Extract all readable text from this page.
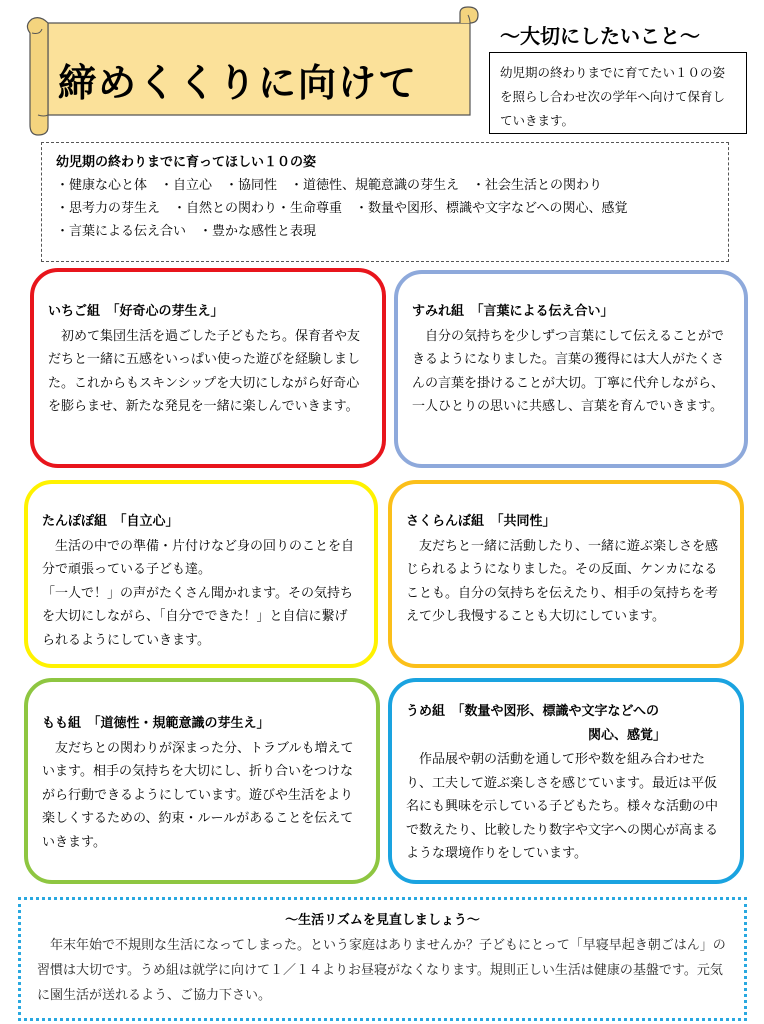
締めくくりに向けて
～大切にしたいこと～
幼児期の終わりまでに育てたい１０の姿を照らし合わせ次の学年へ向けて保育していきます。
幼児期の終わりまでに育ってほしい１０の姿
・健康な心と体　・自立心　・協同性　・道徳性、規範意識の芽生え　・社会生活との関わり
・思考力の芽生え　・自然との関わり・生命尊重　・数量や図形、標識や文字などへの関心、感覚
・言葉による伝え合い　・豊かな感性と表現
いちご組　「好奇心の芽生え」
初めて集団生活を過ごした子どもたち。保育者や友だちと一緒に五感をいっぱい使った遊びを経験しました。これからもスキンシップを大切にしながら好奇心を膨らませ、新たな発見を一緒に楽しんでいきます。
すみれ組　「言葉による伝え合い」
自分の気持ちを少しずつ言葉にして伝えることができるようになりました。言葉の獲得には大人がたくさんの言葉を掛けることが大切。丁寧に代弁しながら、一人ひとりの思いに共感し、言葉を育んでいきます。
たんぽぽ組　「自立心」
生活の中での準備・片付けなど身の回りのことを自分で頑張っている子ども達。
「一人で！」の声がたくさん聞かれます。その気持ちを大切にしながら、「自分でできた！」と自信に繋げられるようにしていきます。
さくらんぼ組　「共同性」
友だちと一緒に活動したり、一緒に遊ぶ楽しさを感じられるようになりました。その反面、ケンカになることも。自分の気持ちを伝えたり、相手の気持ちを考えて少し我慢することも大切にしています。
もも組　「道徳性・規範意識の芽生え」
友だちとの関わりが深まった分、トラブルも増えています。相手の気持ちを大切にし、折り合いをつけながら行動できるようにしています。遊びや生活をより楽しくするための、約束・ルールがあることを伝えていきます。
うめ組　「数量や図形、標識や文字などへの
　　　　　　　　　　　　　　関心、感覚」
作品展や朝の活動を通して形や数を組み合わせたり、工夫して遊ぶ楽しさを感じています。最近は平仮名にも興味を示している子どもたち。様々な活動の中で数えたり、比較したり数字や文字への関心が高まるような環境作りをしています。
～生活リズムを見直しましょう～
年末年始で不規則な生活になってしまった。という家庭はありませんか？子どもにとって「早寝早起き朝ごはん」の習慣は大切です。うめ組は就学に向けて１／１４よりお昼寝がなくなります。規則正しい生活は健康の基盤です。元気に園生活が送れるよう、ご協力下さい。
